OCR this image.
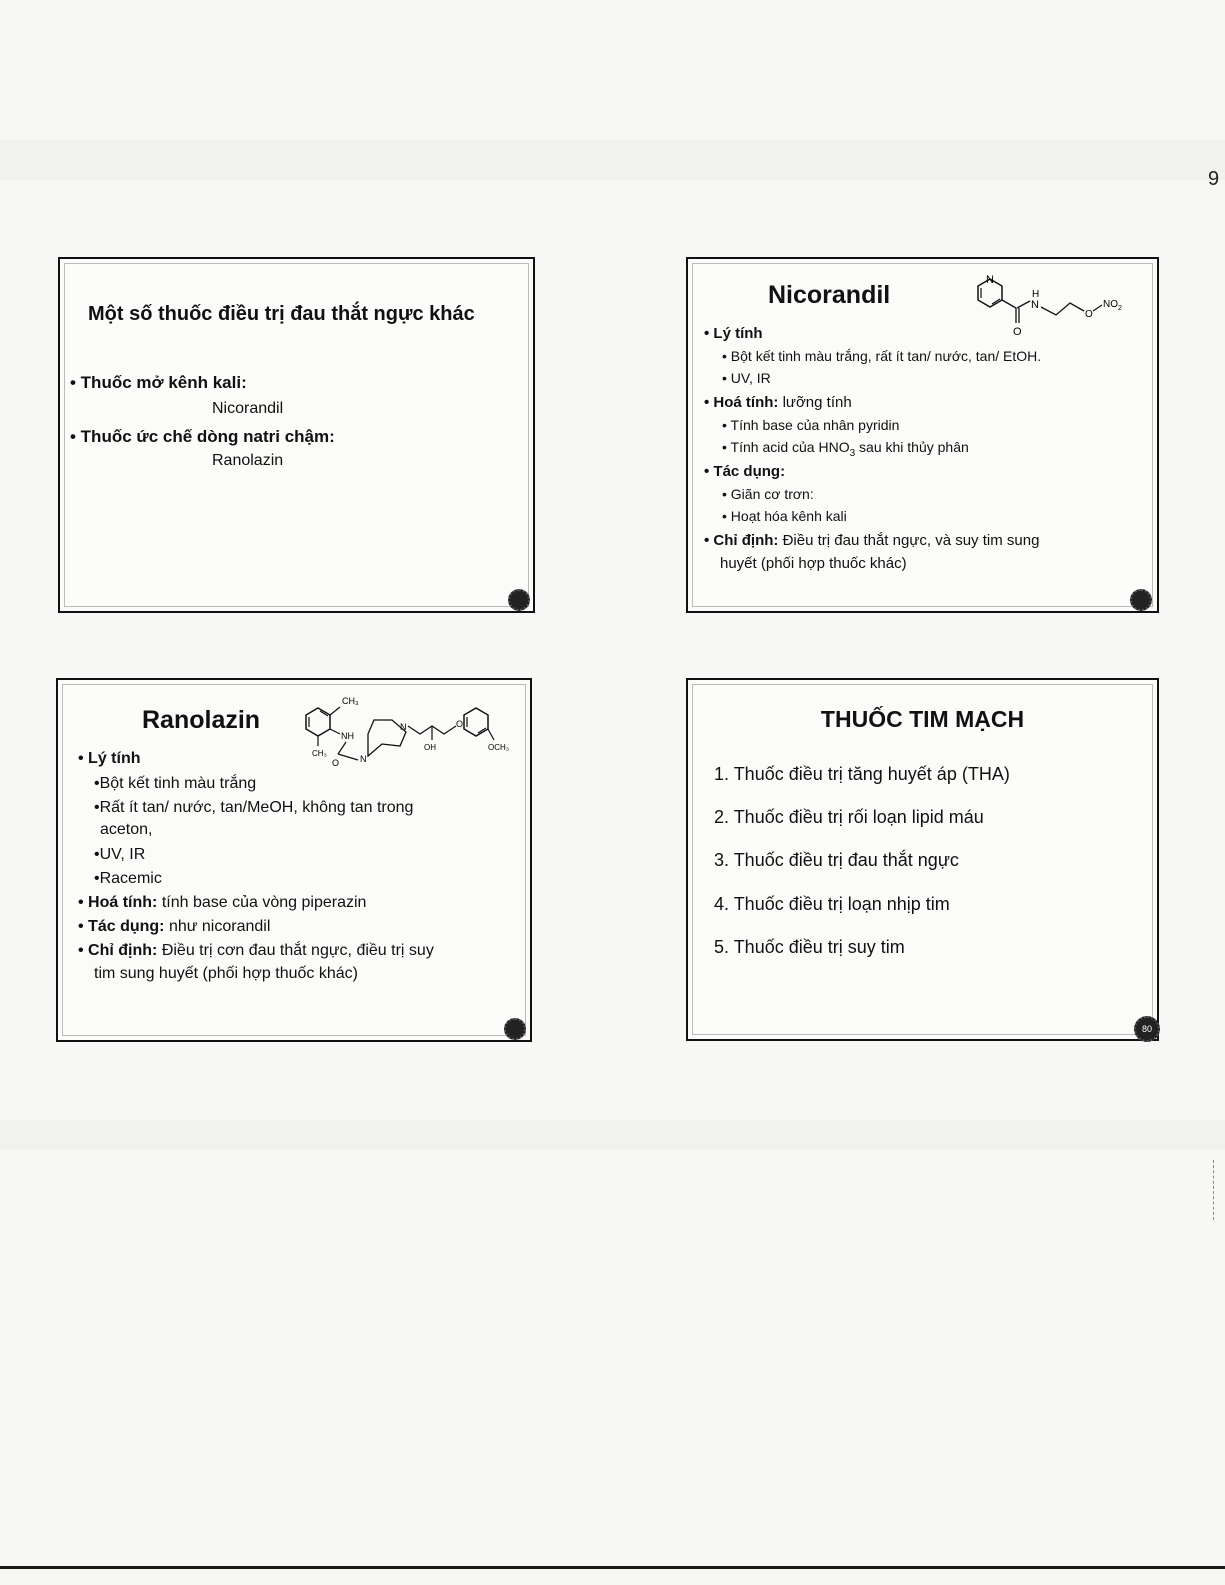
9
Một số thuốc điều trị đau thắt ngực khác
• Thuốc mở kênh kali:
Nicorandil
• Thuốc ức chế dòng natri chậm:
Ranolazin
Nicorandil
N
O
H
N
O
$NO_2$
• Lý tính
• Bột kết tinh màu trắng, rất ít tan/ nước, tan/ EtOH.
• UV, IR
• Hoá tính: lưỡng tính
• Tính base của nhân pyridin
• Tính acid của $HNO_3$ sau khi thủy phân
• Tác dụng:
• Giãn cơ trơn:
• Hoạt hóa kênh kali
• Chỉ định: Điều trị đau thắt ngực, và suy tim sung
huyết (phối hợp thuốc khác)
Ranolazin
CH₃
NH
CH₃
O N
N
OH
O
OCH₃
• Lý tính
•Bột kết tinh màu trắng
•Rất ít tan/ nước, tan/MeOH, không tan trong
aceton,
•UV, IR
•Racemic
• Hoá tính: tính base của vòng piperazin
• Tác dụng: như nicorandil
• Chỉ định: Điều trị cơn đau thắt ngực, điều trị suy
tim sung huyết (phối hợp thuốc khác)
THUỐC TIM MẠCH
1. Thuốc điều trị tăng huyết áp (THA)
2. Thuốc điều trị rối loạn lipid máu
3. Thuốc điều trị đau thắt ngực
4. Thuốc điều trị loạn nhịp tim
5. Thuốc điều trị suy tim
80
